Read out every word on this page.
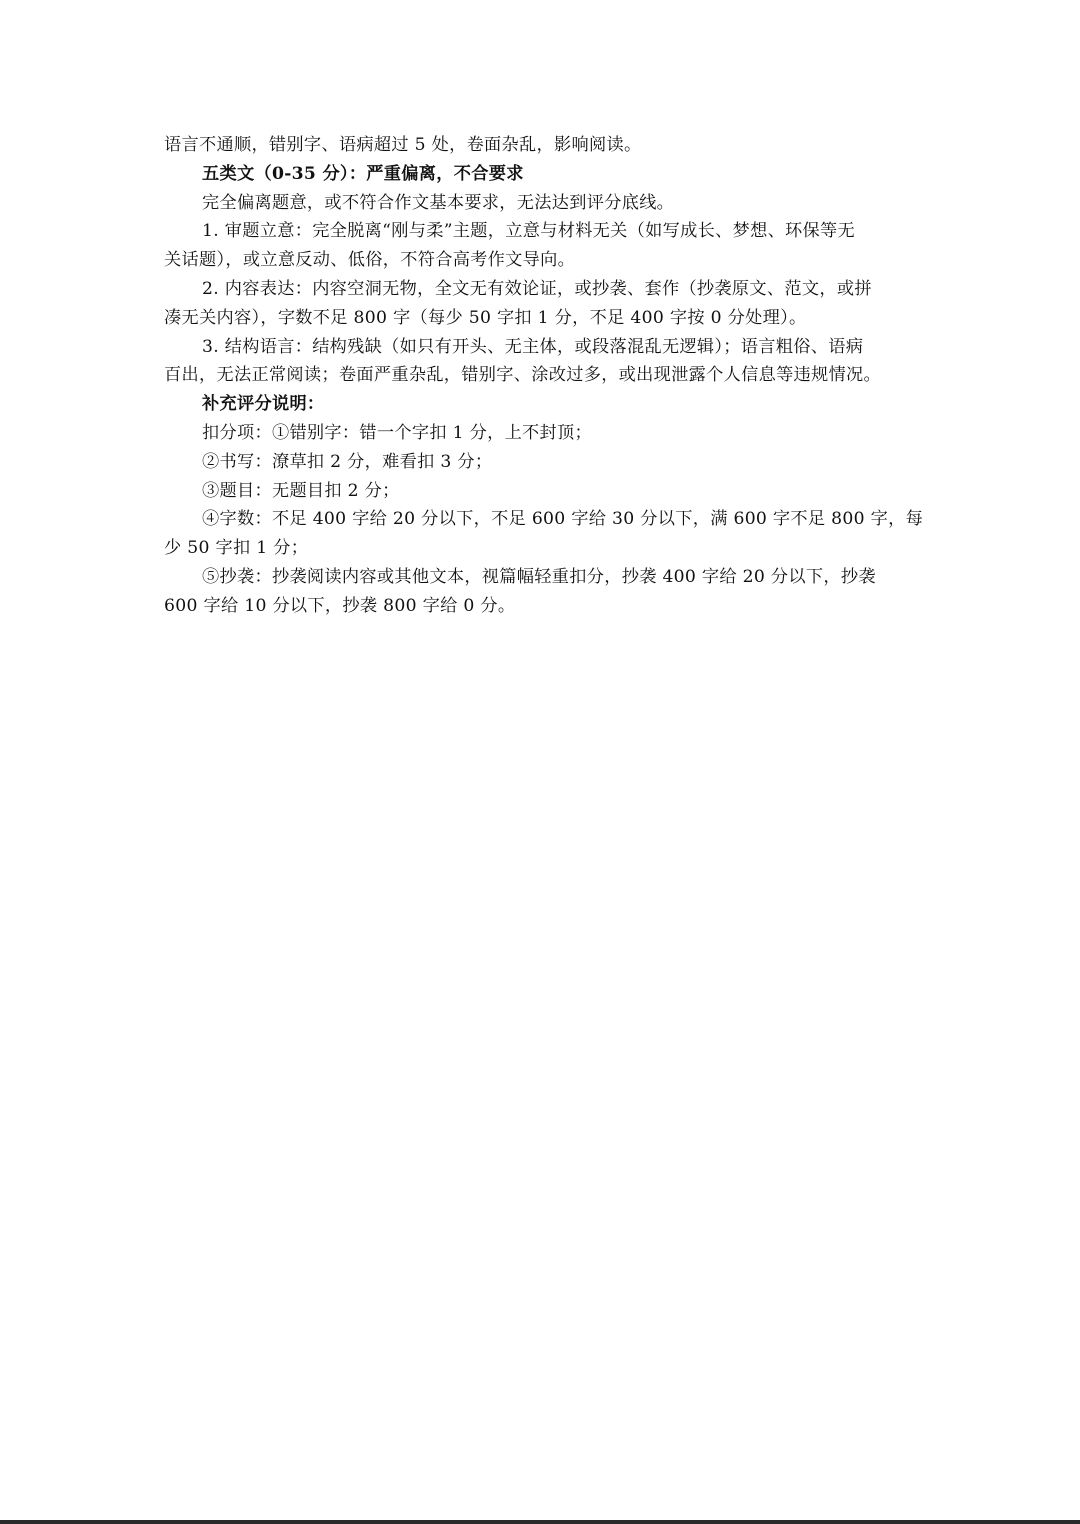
语言不通顺，错别字、语病超过 5 处，卷面杂乱，影响阅读。
五类文（0-35 分）：严重偏离，不合要求
完全偏离题意，或不符合作文基本要求，无法达到评分底线。
1. 审题立意：完全脱离“刚与柔”主题，立意与材料无关（如写成长、梦想、环保等无
关话题），或立意反动、低俗，不符合高考作文导向。
2. 内容表达：内容空洞无物，全文无有效论证，或抄袭、套作（抄袭原文、范文，或拼
凑无关内容），字数不足 800 字（每少 50 字扣 1 分，不足 400 字按 0 分处理）。
3. 结构语言：结构残缺（如只有开头、无主体，或段落混乱无逻辑）；语言粗俗、语病
百出，无法正常阅读；卷面严重杂乱，错别字、涂改过多，或出现泄露个人信息等违规情况。
补充评分说明：
扣分项：①错别字：错一个字扣 1 分，上不封顶；
②书写：潦草扣 2 分，难看扣 3 分；
③题目：无题目扣 2 分；
④字数：不足 400 字给 20 分以下，不足 600 字给 30 分以下，满 600 字不足 800 字，每
少 50 字扣 1 分；
⑤抄袭：抄袭阅读内容或其他文本，视篇幅轻重扣分，抄袭 400 字给 20 分以下，抄袭
600 字给 10 分以下，抄袭 800 字给 0 分。
